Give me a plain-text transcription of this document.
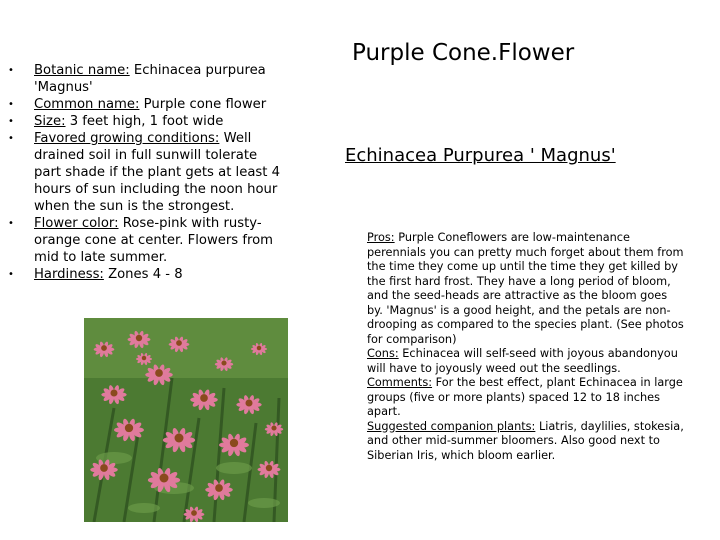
• Botanic name: Echinacea purpurea 'Magnus'
• Common name: Purple cone flower
• Size: 3 feet high, 1 foot wide
• Favored growing conditions: Well drained soil in full sunwill tolerate part shade if the plant gets at least 4 hours of sun including the noon hour when the sun is the strongest.
• Flower color: Rose-pink with rusty-orange cone at center. Flowers from mid to late summer.
• Hardiness: Zones 4 - 8
Purple Cone.Flower
Echinacea Purpurea ' Magnus'

Pros: Purple Coneflowers are low-maintenance perennials you can pretty much forget about them from the time they come up until the time they get killed by the first hard frost. They have a long period of bloom, and the seed-heads are attractive as the bloom goes by. 'Magnus' is a good height, and the petals are non-drooping as compared to the species plant. (See photos for comparison)

Cons: Echinacea will self-seed with joyous abandonyou will have to joyously weed out the seedlings.

Comments: For the best effect, plant Echinacea in large groups (five or more plants) spaced 12 to 18 inches apart.

Suggested companion plants: Liatris, daylilies, stokesia, and other mid-summer bloomers. Also good next to Siberian Iris, which bloom earlier.
